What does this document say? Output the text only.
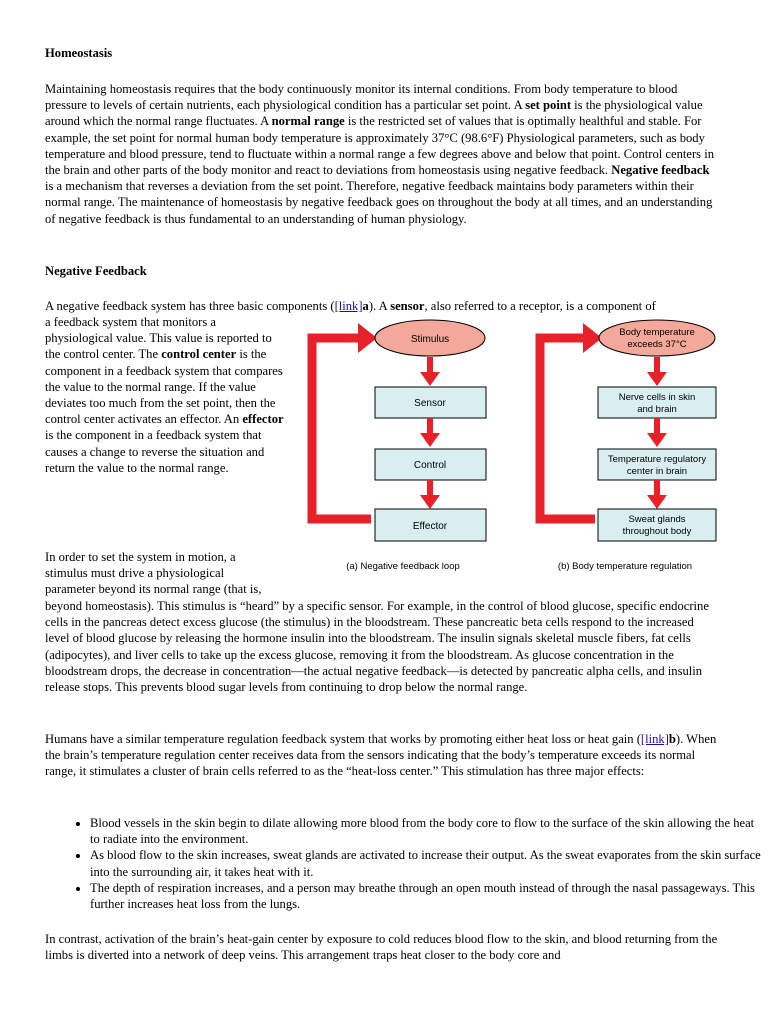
Homeostasis

Maintaining homeostasis requires that the body continuously monitor its internal conditions. From body temperature to blood pressure to levels of certain nutrients, each physiological condition has a particular set point. A set point is the physiological value around which the normal range fluctuates. A normal range is the restricted set of values that is optimally healthful and stable. For example, the set point for normal human body temperature is approximately 37°C (98.6°F) Physiological parameters, such as body temperature and blood pressure, tend to fluctuate within a normal range a few degrees above and below that point. Control centers in the brain and other parts of the body monitor and react to deviations from homeostasis using negative feedback. Negative feedback is a mechanism that reverses a deviation from the set point. Therefore, negative feedback maintains body parameters within their normal range. The maintenance of homeostasis by negative feedback goes on throughout the body at all times, and an understanding of negative feedback is thus fundamental to an understanding of human physiology.

Negative Feedback

A negative feedback system has three basic components ([link]a). A sensor, also referred to a receptor, is a component of

a feedback system that monitors a physiological value. This value is reported to the control center. The control center is the component in a feedback system that compares the value to the normal range. If the value deviates too much from the set point, then the control center activates an effector. An effector is the component in a feedback system that causes a change to reverse the situation and return the value to the normal range.

In order to set the system in motion, a stimulus must drive a physiological parameter beyond its normal range (that is,

beyond homeostasis). This stimulus is “heard” by a specific sensor. For example, in the control of blood glucose, specific endocrine cells in the pancreas detect excess glucose (the stimulus) in the bloodstream. These pancreatic beta cells respond to the increased level of blood glucose by releasing the hormone insulin into the bloodstream. The insulin signals skeletal muscle fibers, fat cells (adipocytes), and liver cells to take up the excess glucose, removing it from the bloodstream. As glucose concentration in the bloodstream drops, the decrease in concentration—the actual negative feedback—is detected by pancreatic alpha cells, and insulin release stops. This prevents blood sugar levels from continuing to drop below the normal range.

Humans have a similar temperature regulation feedback system that works by promoting either heat loss or heat gain ([link]b). When the brain’s temperature regulation center receives data from the sensors indicating that the body’s temperature exceeds its normal range, it stimulates a cluster of brain cells referred to as the “heat-loss center.” This stimulation has three major effects:

• Blood vessels in the skin begin to dilate allowing more blood from the body core to flow to the surface of the skin allowing the heat to radiate into the environment.
• As blood flow to the skin increases, sweat glands are activated to increase their output. As the sweat evaporates from the skin surface into the surrounding air, it takes heat with it.
• The depth of respiration increases, and a person may breathe through an open mouth instead of through the nasal passageways. This further increases heat loss from the lungs.

In contrast, activation of the brain’s heat-gain center by exposure to cold reduces blood flow to the skin, and blood returning from the limbs is diverted into a network of deep veins. This arrangement traps heat closer to the body core and

Stimulus
Sensor
Control
Effector
(a) Negative feedback loop
Body temperature
exceeds 37°C
Nerve cells in skin
and brain
Temperature regulatory
center in brain
Sweat glands
throughout body
(b) Body temperature regulation
